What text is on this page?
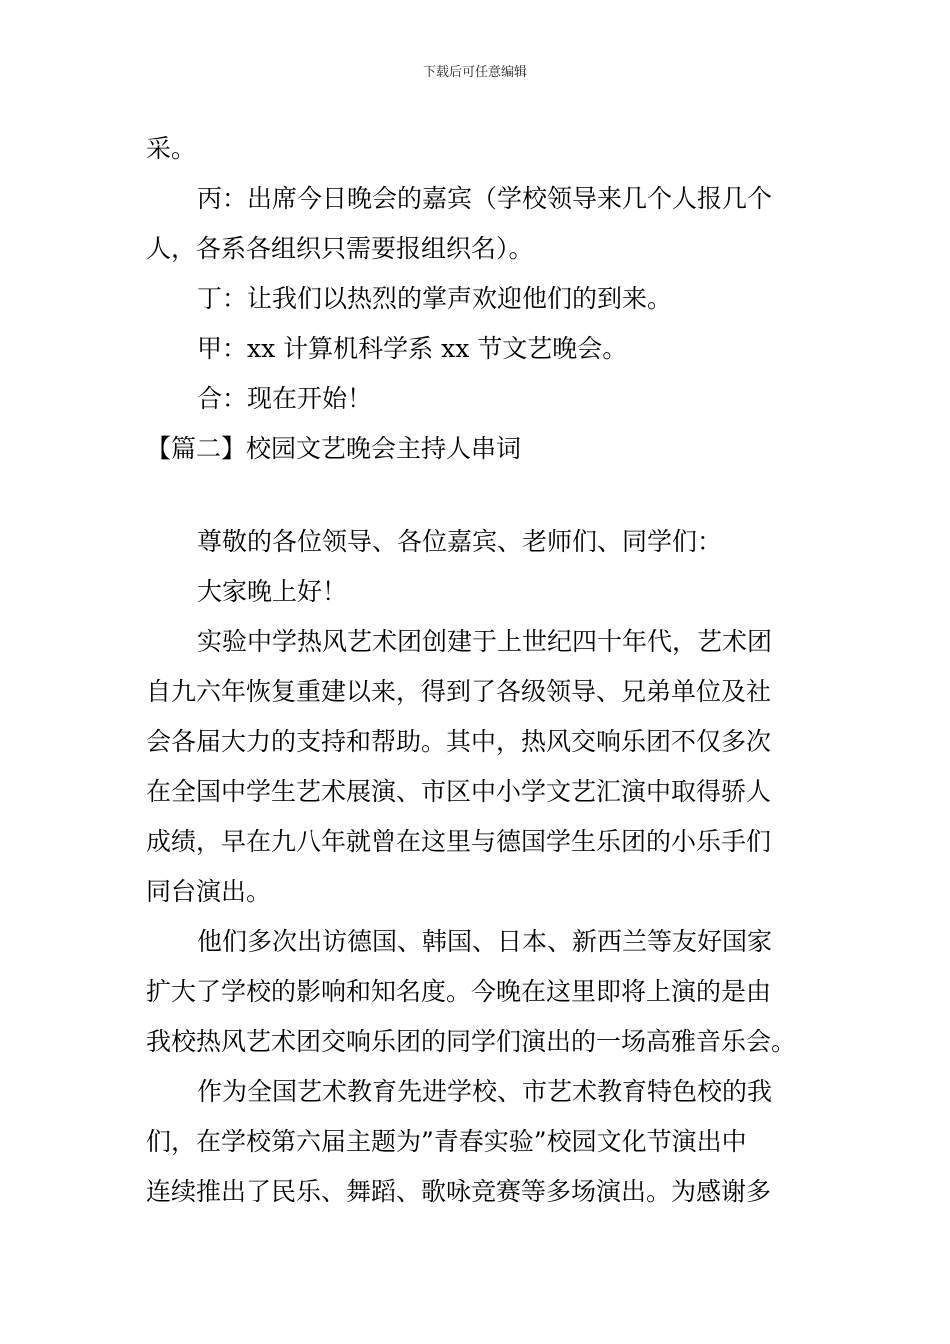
下载后可任意编辑
采。
丙：出席今日晚会的嘉宾（学校领导来几个人报几个
人，各系各组织只需要报组织名）。
丁：让我们以热烈的掌声欢迎他们的到来。
甲：xx 计算机科学系 xx 节文艺晚会。
合：现在开始！
【篇二】校园文艺晚会主持人串词
尊敬的各位领导、各位嘉宾、老师们、同学们：
大家晚上好！
实验中学热风艺术团创建于上世纪四十年代，艺术团
自九六年恢复重建以来，得到了各级领导、兄弟单位及社
会各届大力的支持和帮助。其中，热风交响乐团不仅多次
在全国中学生艺术展演、市区中小学文艺汇演中取得骄人
成绩，早在九八年就曾在这里与德国学生乐团的小乐手们
同台演出。
他们多次出访德国、韩国、日本、新西兰等友好国家
扩大了学校的影响和知名度。今晚在这里即将上演的是由
我校热风艺术团交响乐团的同学们演出的一场高雅音乐会。
作为全国艺术教育先进学校、市艺术教育特色校的我
们，在学校第六届主题为”青春实验”校园文化节演出中
连续推出了民乐、舞蹈、歌咏竞赛等多场演出。为感谢多
